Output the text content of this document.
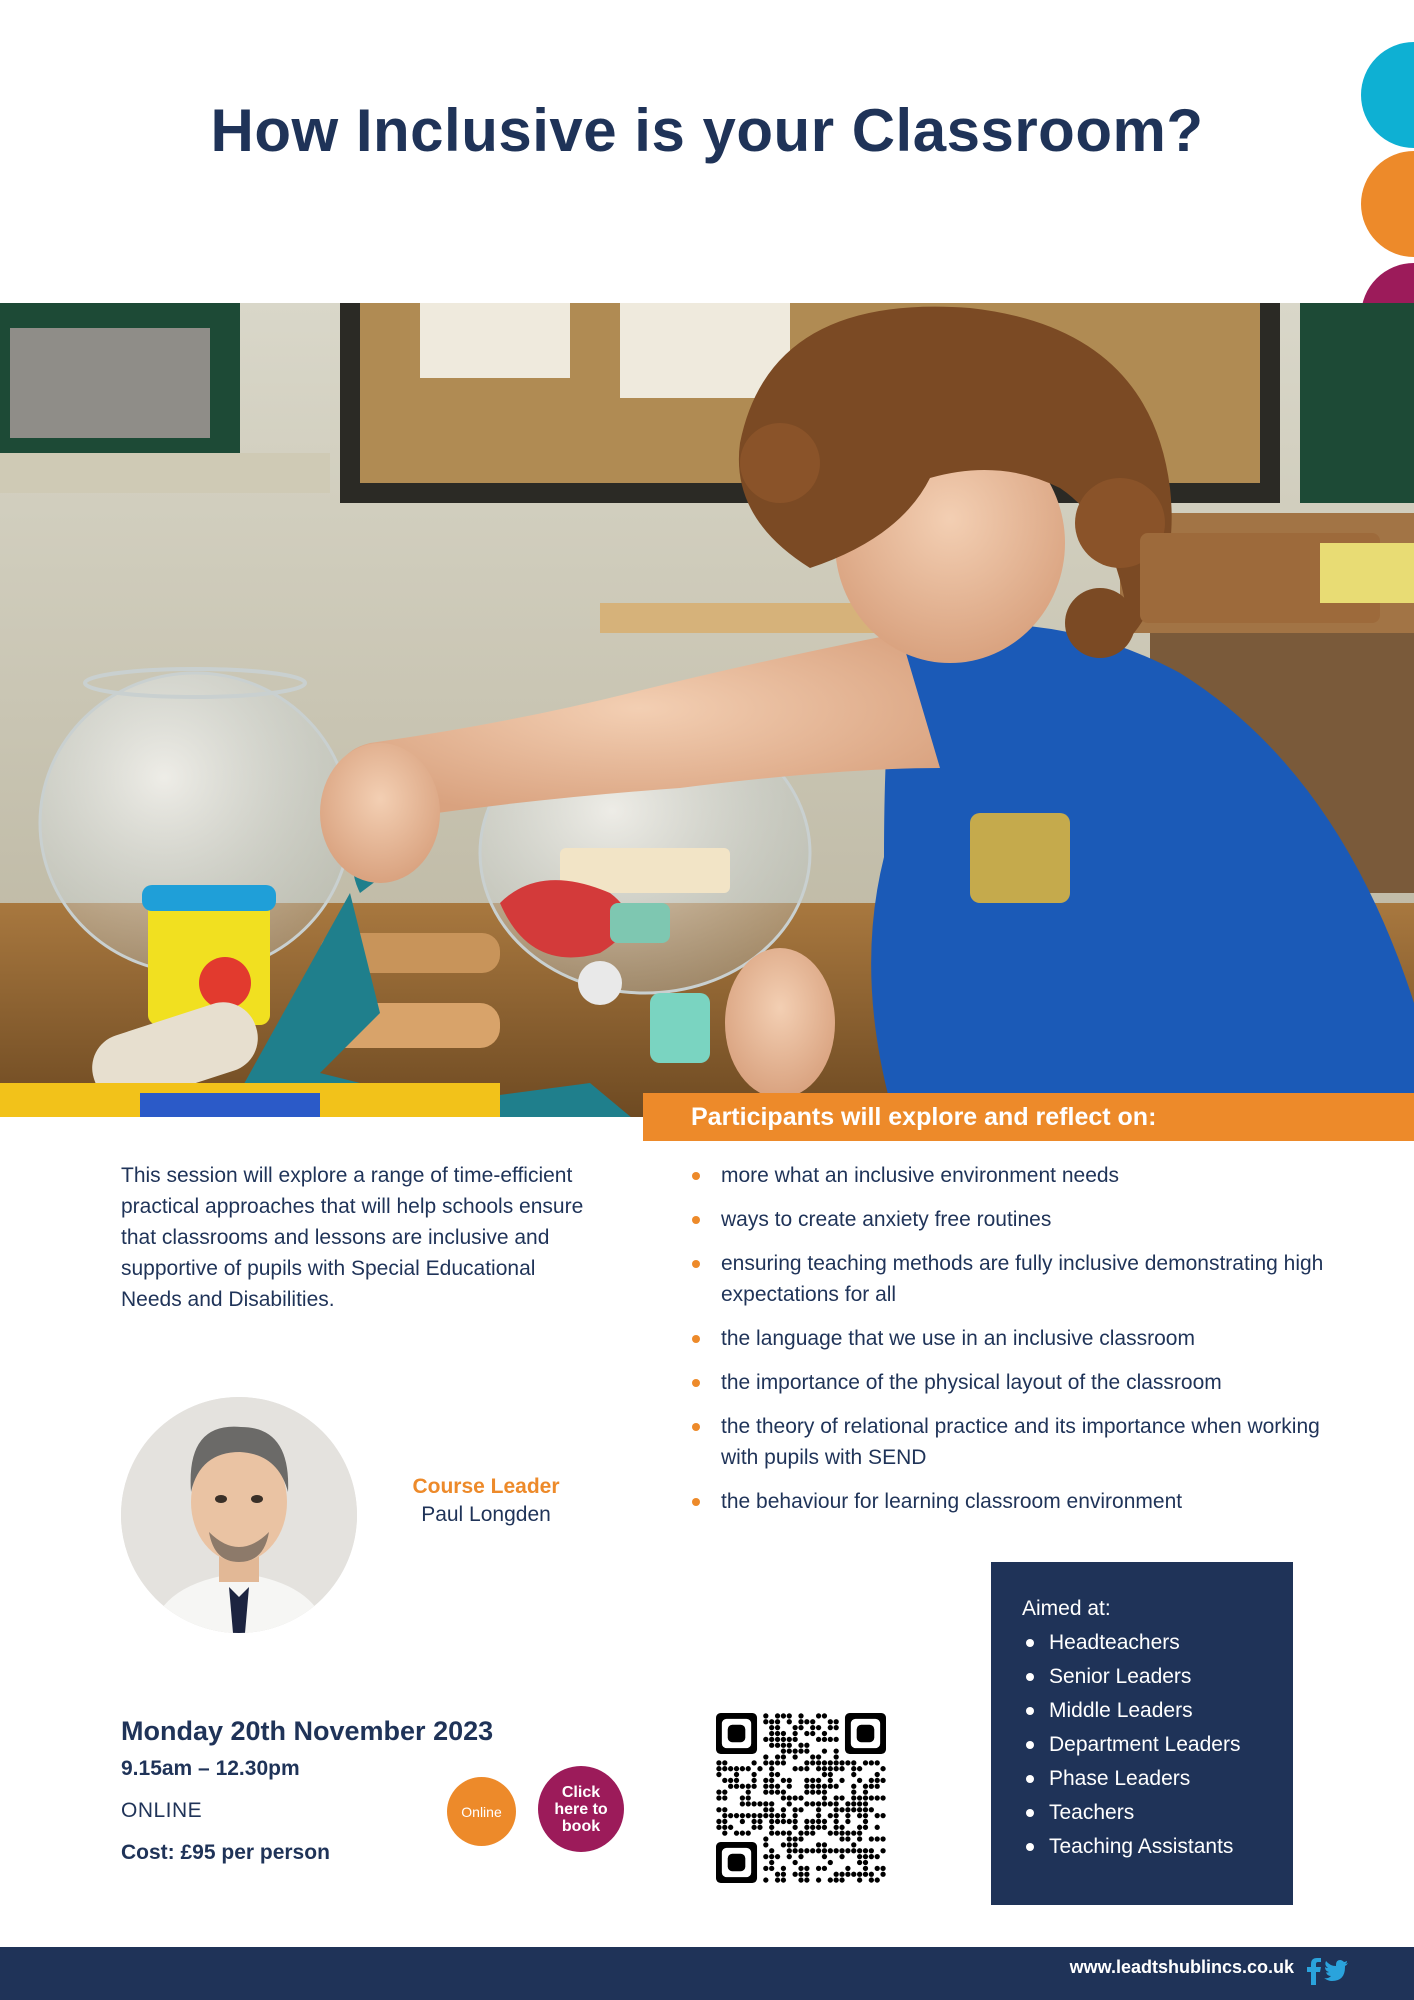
How Inclusive is your Classroom?
Participants will explore and reflect on:
This session will explore a range of time-efficient practical approaches that will help schools ensure that classrooms and lessons are inclusive and supportive of pupils with Special Educational Needs and Disabilities.
more what an inclusive environment needs
ways to create anxiety free routines
ensuring teaching methods are fully inclusive demonstrating high expectations for all
the language that we use in an inclusive classroom
the importance of the physical layout of the classroom
the theory of relational practice and its importance when working with pupils with SEND
the behaviour for learning classroom environment
Course Leader
Paul Longden
Aimed at:
Headteachers
Senior Leaders
Middle Leaders
Department Leaders
Phase Leaders
Teachers
Teaching Assistants
Monday 20th November 2023
9.15am – 12.30pm
ONLINE
Cost: £95 per person
Online
Click here to book
www.leadtshublincs.co.uk
